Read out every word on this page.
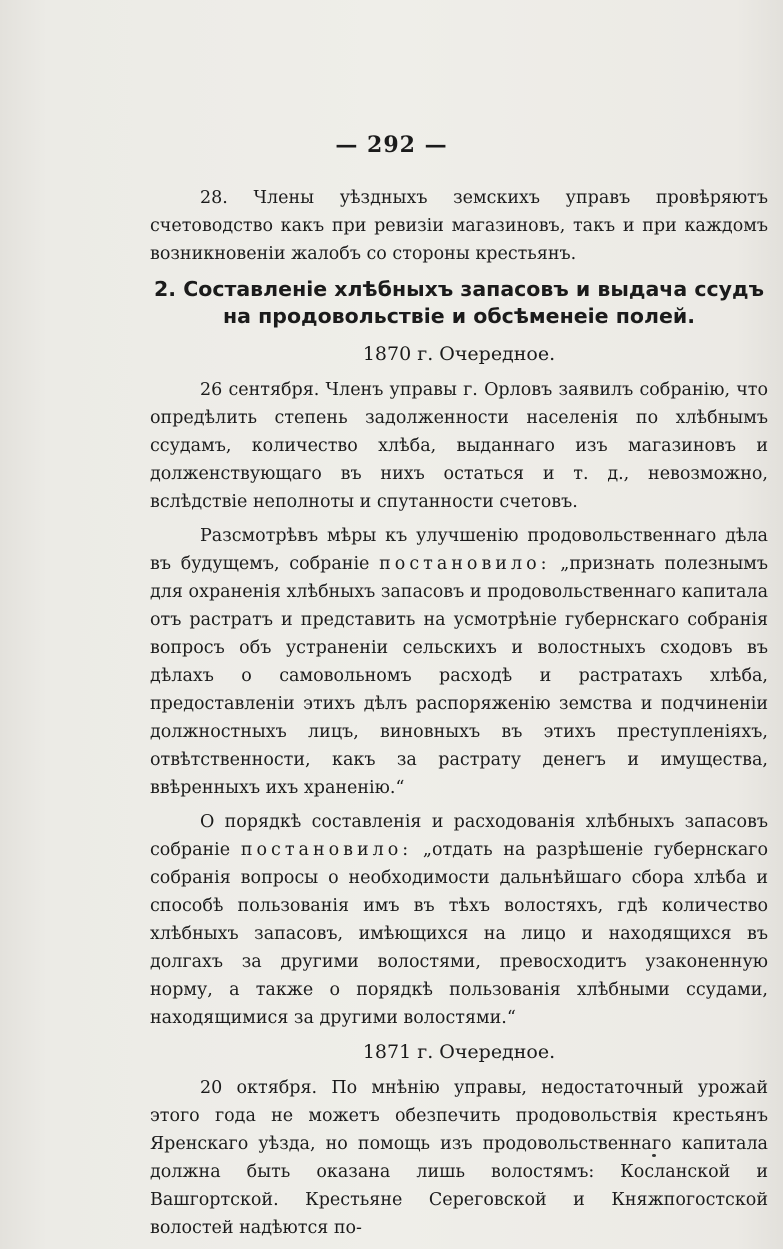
— 292 —

28. Члены уѣздныхъ земскихъ управъ провѣряютъ счетоводство какъ при ревизіи магазиновъ, такъ и при каждомъ возникновеніи жалобъ со стороны крестьянъ.

2. Составленіе хлѣбныхъ запасовъ и выдача ссудъ на продовольствіе и обсѣменеіе полей.
1870 г. Очередное.

26 сентября. Членъ управы г. Орловъ заявилъ собранію, что опредѣлить степень задолженности населенія по хлѣбнымъ ссудамъ, количество хлѣба, выданнаго изъ магазиновъ и долженствующаго въ нихъ остаться и т. д., невозможно, вслѣдствіе неполноты и спутанности счетовъ.

Разсмотрѣвъ мѣры къ улучшенію продовольственнаго дѣла въ будущемъ, собраніе постановило: „признать полезнымъ для охраненія хлѣбныхъ запасовъ и продовольственнаго капитала отъ растратъ и представить на усмотрѣніе губернскаго собранія вопросъ объ устраненіи сельскихъ и волостныхъ сходовъ въ дѣлахъ о самовольномъ расходѣ и растратахъ хлѣба, предоставленіи этихъ дѣлъ распоряженію земства и подчиненіи должностныхъ лицъ, виновныхъ въ этихъ преступленіяхъ, отвѣтственности, какъ за растрату денегъ и имущества, ввѣренныхъ ихъ храненію.“

О порядкѣ составленія и расходованія хлѣбныхъ запасовъ собраніе постановило: „отдать на разрѣшеніе губернскаго собранія вопросы о необходимости дальнѣйшаго сбора хлѣба и способѣ пользованія имъ въ тѣхъ волостяхъ, гдѣ количество хлѣбныхъ запасовъ, имѣющихся на лицо и находящихся въ долгахъ за другими волостями, превосходитъ узаконенную норму, а также о порядкѣ пользованія хлѣбными ссудами, находящимися за другими волостями.“

1871 г. Очередное.

20 октября. По мнѣнію управы, недостаточный урожай этого года не можетъ обезпечить продовольствія крестьянъ Яренскаго уѣзда, но помощь изъ продовольственнаго капитала должна быть оказана лишь волостямъ: Косланской и Вашгортской. Крестьяне Сереговской и Княжпогостской волостей надѣются по-
